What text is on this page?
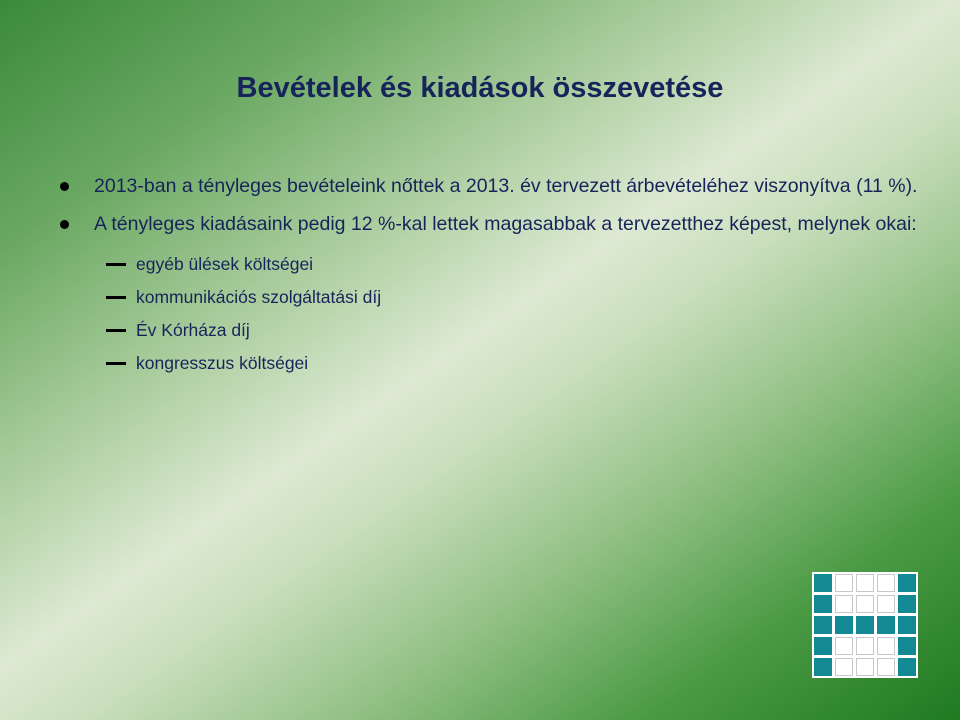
Bevételek és kiadások összevetése
2013-ban a tényleges bevételeink nőttek a 2013. év tervezett árbevételéhez viszonyítva (11 %).
A tényleges kiadásaink pedig 12 %-kal lettek magasabbak a tervezetthez képest, melynek okai:
egyéb ülések költségei
kommunikációs szolgáltatási díj
Év Kórháza díj
kongresszus költségei
